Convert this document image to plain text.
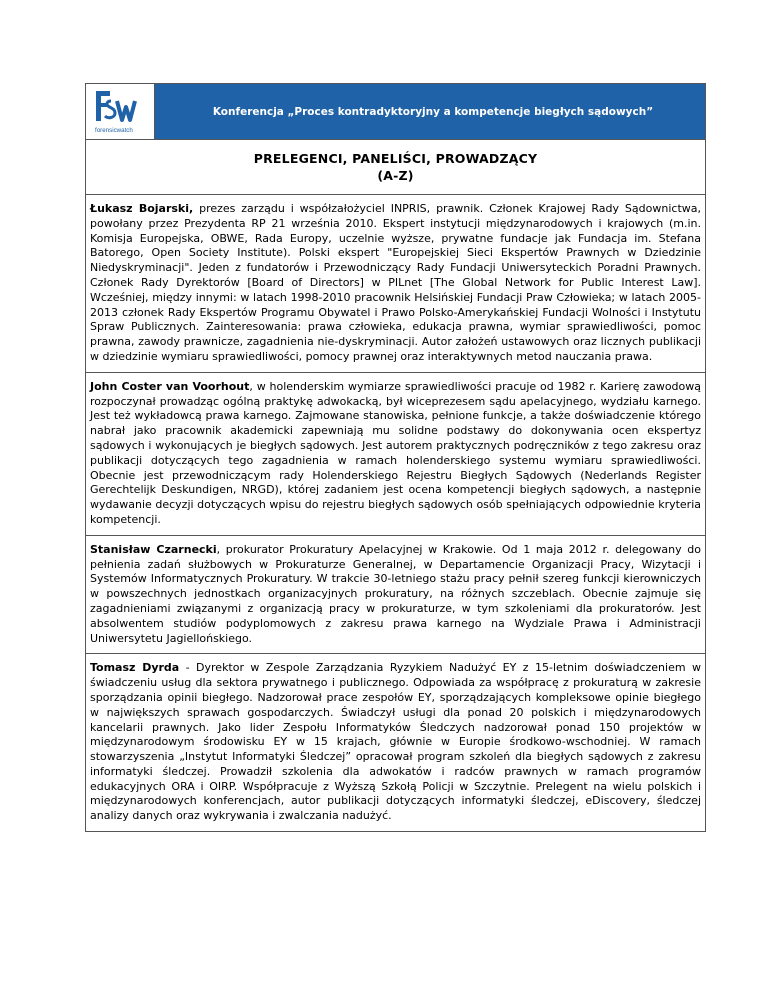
forensicwatch
Konferencja „Proces kontradyktoryjny a kompetencje biegłych sądowych”
PRELEGENCI, PANELIŚCI, PROWADZĄCY
(A-Z)
Łukasz Bojarski, prezes zarządu i współzałożyciel INPRIS, prawnik. Członek Krajowej Rady Sądownictwa, powołany przez Prezydenta RP 21 września 2010. Ekspert instytucji międzynarodowych i krajowych (m.in. Komisja Europejska, OBWE, Rada Europy, uczelnie wyższe, prywatne fundacje jak Fundacja im. Stefana Batorego, Open Society Institute). Polski ekspert "Europejskiej Sieci Ekspertów Prawnych w Dziedzinie Niedyskryminacji". Jeden z fundatorów i Przewodniczący Rady Fundacji Uniwersyteckich Poradni Prawnych. Członek Rady Dyrektorów [Board of Directors] w PILnet [The Global Network for Public Interest Law]. Wcześniej, między innymi: w latach 1998-2010 pracownik Helsińskiej Fundacji Praw Człowieka; w latach 2005-2013 członek Rady Ekspertów Programu Obywatel i Prawo Polsko-Amerykańskiej Fundacji Wolności i Instytutu Spraw Publicznych. Zainteresowania: prawa człowieka, edukacja prawna, wymiar sprawiedliwości, pomoc prawna, zawody prawnicze, zagadnienia nie-dyskryminacji. Autor założeń ustawowych oraz licznych publikacji w dziedzinie wymiaru sprawiedliwości, pomocy prawnej oraz interaktywnych metod nauczania prawa.
John Coster van Voorhout, w holenderskim wymiarze sprawiedliwości pracuje od 1982 r. Karierę zawodową rozpoczynał prowadząc ogólną praktykę adwokacką, był wiceprezesem sądu apelacyjnego, wydziału karnego. Jest też wykładowcą prawa karnego. Zajmowane stanowiska, pełnione funkcje, a także doświadczenie którego nabrał jako pracownik akademicki zapewniają mu solidne podstawy do dokonywania ocen ekspertyz sądowych i wykonujących je biegłych sądowych. Jest autorem praktycznych podręczników z tego zakresu oraz publikacji dotyczących tego zagadnienia w ramach holenderskiego systemu wymiaru sprawiedliwości. Obecnie jest przewodniczącym rady Holenderskiego Rejestru Biegłych Sądowych (Nederlands Register Gerechtelijk Deskundigen, NRGD), której zadaniem jest ocena kompetencji biegłych sądowych, a następnie wydawanie decyzji dotyczących wpisu do rejestru biegłych sądowych osób spełniających odpowiednie kryteria kompetencji.
Stanisław Czarnecki, prokurator Prokuratury Apelacyjnej w Krakowie. Od 1 maja 2012 r. delegowany do pełnienia zadań służbowych w Prokuraturze Generalnej, w Departamencie Organizacji Pracy, Wizytacji i Systemów Informatycznych Prokuratury. W trakcie 30-letniego stażu pracy pełnił szereg funkcji kierowniczych w powszechnych jednostkach organizacyjnych prokuratury, na różnych szczeblach. Obecnie zajmuje się zagadnieniami związanymi z organizacją pracy w prokuraturze, w tym szkoleniami dla prokuratorów. Jest absolwentem studiów podyplomowych z zakresu prawa karnego na Wydziale Prawa i Administracji Uniwersytetu Jagiellońskiego.
Tomasz Dyrda - Dyrektor w Zespole Zarządzania Ryzykiem Nadużyć EY z 15-letnim doświadczeniem w świadczeniu usług dla sektora prywatnego i publicznego. Odpowiada za współpracę z prokuraturą w zakresie sporządzania opinii biegłego. Nadzorował prace zespołów EY, sporządzających kompleksowe opinie biegłego w największych sprawach gospodarczych. Świadczył usługi dla ponad 20 polskich i międzynarodowych kancelarii prawnych. Jako lider Zespołu Informatyków Śledczych nadzorował ponad 150 projektów w międzynarodowym środowisku EY w 15 krajach, głównie w Europie środkowo-wschodniej. W ramach stowarzyszenia „Instytut Informatyki Śledczej” opracował program szkoleń dla biegłych sądowych z zakresu informatyki śledczej. Prowadził szkolenia dla adwokatów i radców prawnych w ramach programów edukacyjnych ORA i OIRP. Współpracuje z Wyższą Szkołą Policji w Szczytnie. Prelegent na wielu polskich i międzynarodowych konferencjach, autor publikacji dotyczących informatyki śledczej, eDiscovery, śledczej analizy danych oraz wykrywania i zwalczania nadużyć.
